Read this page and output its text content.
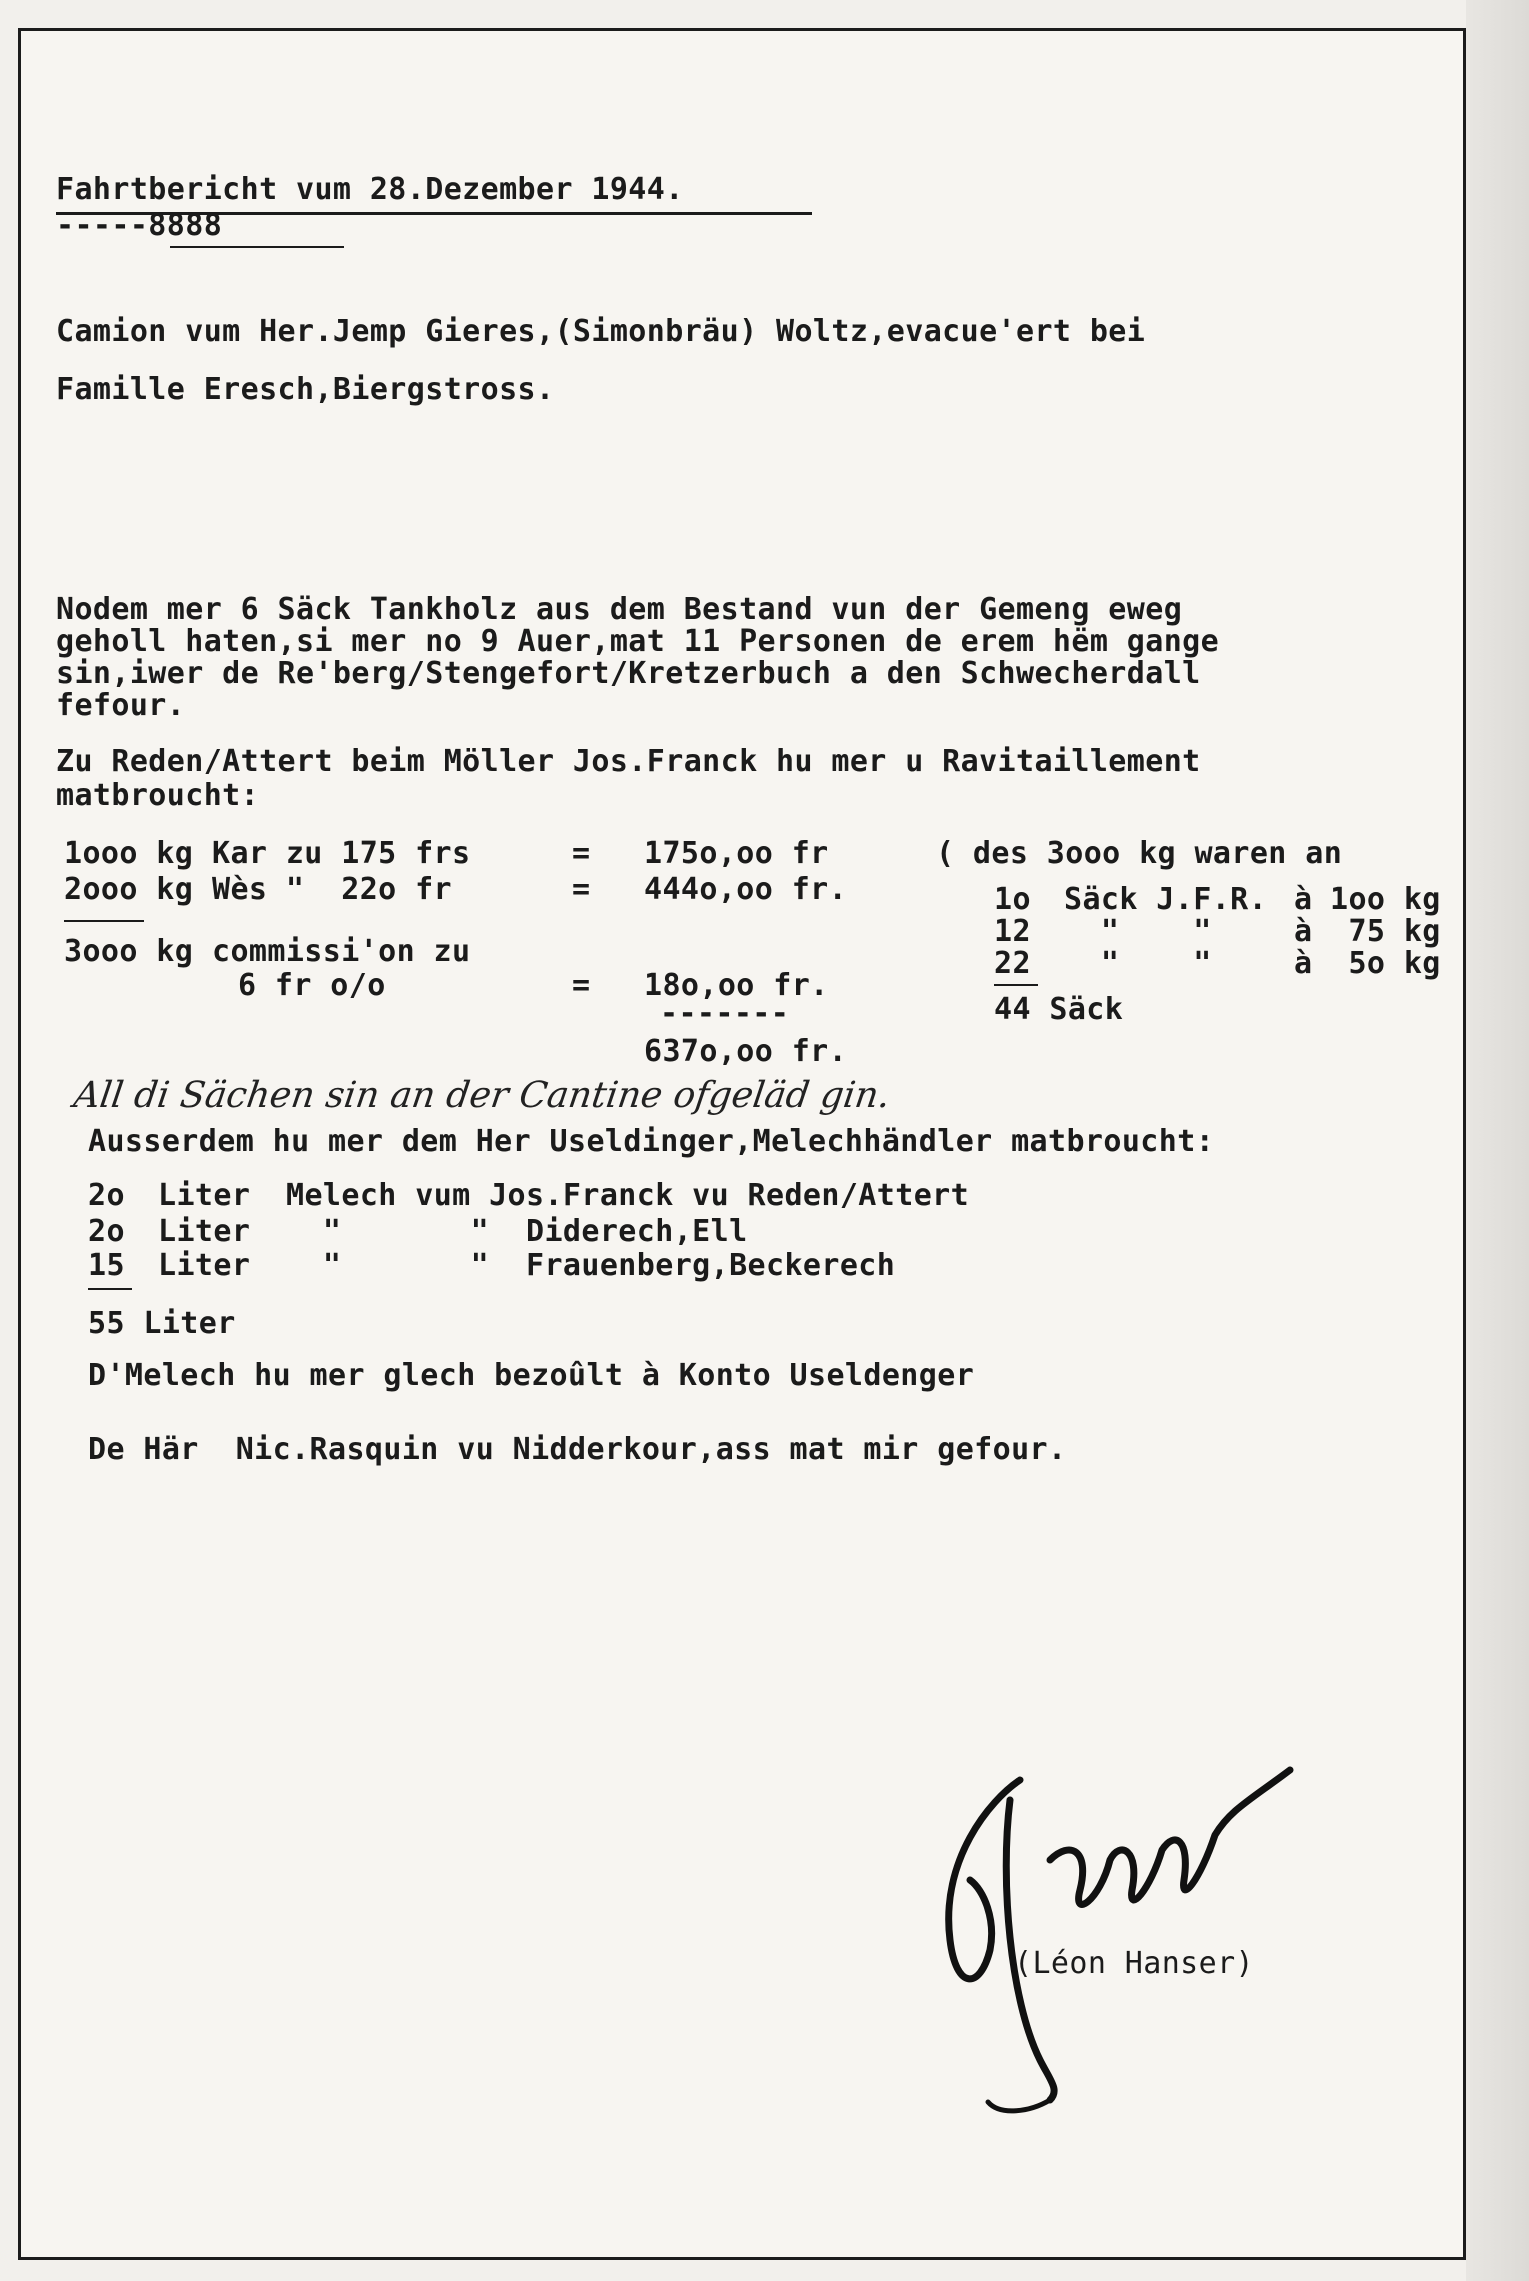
Fahrtbericht vum 28.Dezember 1944.
-----8888
Camion vum Her.Jemp Gieres,(Simonbräu) Woltz,evacue'ert bei
Famille Eresch,Biergstross.
Nodem mer 6 Säck Tankholz aus dem Bestand vun der Gemeng eweg
geholl haten,si mer no 9 Auer,mat 11 Personen de erem hëm gange
sin,iwer de Re'berg/Stengefort/Kretzerbuch a den Schwecherdall
fefour.
Zu Reden/Attert beim Möller Jos.Franck hu mer u Ravitaillement
matbroucht:
1ooo kg Kar zu 175 frs	= 175o,oo fr
2ooo kg Wès "  22o fr	= 444o,oo fr.
3ooo kg commissi'on zu
6 fr o/o	= 18o,oo fr.
-------
637o,oo fr.
( des 3ooo kg waren an
1o Säck J.F.R. à 1oo kg
12 "    " à 75 kg
22 "    " à 5o kg
44 Säck
All di Sächen sin an der Cantine ofgeläd gin.
Ausserdem hu mer dem Her Useldinger,Melechhändler matbroucht:
2o Liter Melech vum Jos.Franck vu Reden/Attert
2o Liter "       "  Diderech,Ell
15 Liter "       "  Frauenberg,Beckerech
55 Liter
D'Melech hu mer glech bezoûlt à Konto Useldenger
De Här  Nic.Rasquin vu Nidderkour,ass mat mir gefour.
(Léon Hanser)
